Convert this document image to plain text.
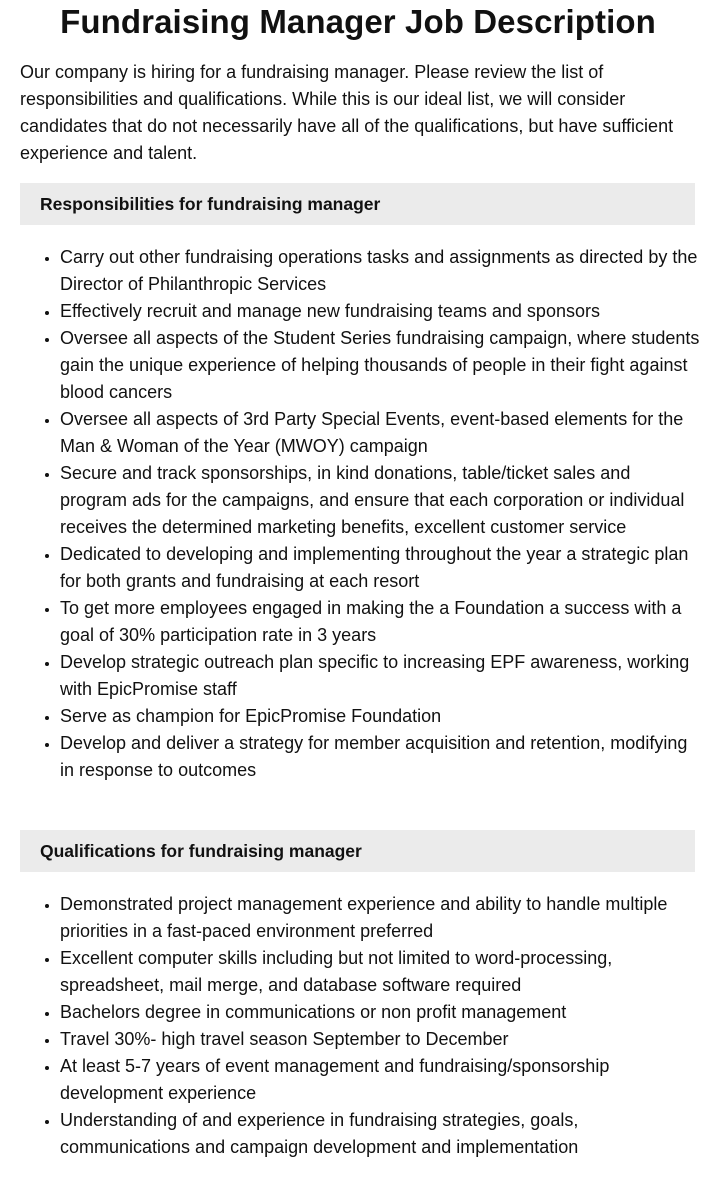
Fundraising Manager Job Description

Our company is hiring for a fundraising manager. Please review the list of responsibilities and qualifications. While this is our ideal list, we will consider candidates that do not necessarily have all of the qualifications, but have sufficient experience and talent.

Responsibilities for fundraising manager
• Carry out other fundraising operations tasks and assignments as directed by the Director of Philanthropic Services
• Effectively recruit and manage new fundraising teams and sponsors
• Oversee all aspects of the Student Series fundraising campaign, where students gain the unique experience of helping thousands of people in their fight against blood cancers
• Oversee all aspects of 3rd Party Special Events, event-based elements for the Man & Woman of the Year (MWOY) campaign
• Secure and track sponsorships, in kind donations, table/ticket sales and program ads for the campaigns, and ensure that each corporation or individual receives the determined marketing benefits, excellent customer service
• Dedicated to developing and implementing throughout the year a strategic plan for both grants and fundraising at each resort
• To get more employees engaged in making the a Foundation a success with a goal of 30% participation rate in 3 years
• Develop strategic outreach plan specific to increasing EPF awareness, working with EpicPromise staff
• Serve as champion for EpicPromise Foundation
• Develop and deliver a strategy for member acquisition and retention, modifying in response to outcomes
Qualifications for fundraising manager
• Demonstrated project management experience and ability to handle multiple priorities in a fast-paced environment preferred
• Excellent computer skills including but not limited to word-processing, spreadsheet, mail merge, and database software required
• Bachelors degree in communications or non profit management
• Travel 30%- high travel season September to December
• At least 5-7 years of event management and fundraising/sponsorship development experience
• Understanding of and experience in fundraising strategies, goals, communications and campaign development and implementation
